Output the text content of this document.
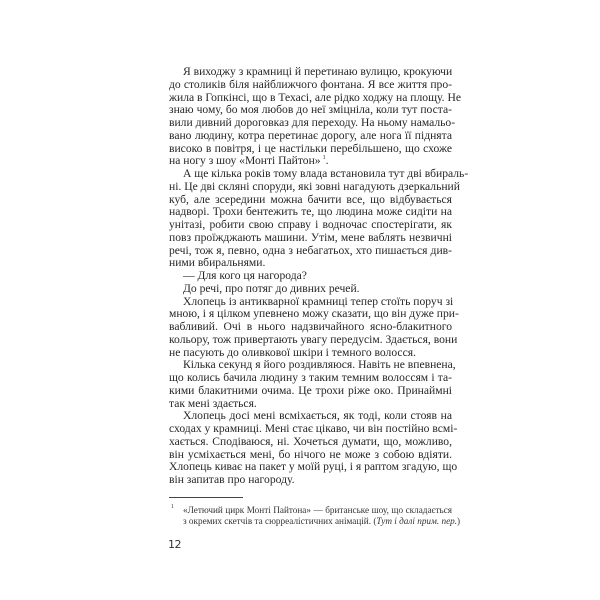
Я виходжу з крамниці й перетинаю вулицю, крокуючи
до столиків біля найближчого фонтана. Я все життя про-
жила в Гопкінсі, що в Техасі, але рідко ходжу на площу. Не
знаю чому, бо моя любов до неї зміцніла, коли тут поста-
вили дивний дороговказ для переходу. На ньому намальо-
вано людину, котра перетинає дорогу, але нога її піднята
високо в повітря, і це настільки перебільшено, що схоже
на ногу з шоу «Монті Пайтон» $^1$.
А ще кілька років тому влада встановила тут дві вбираль-
ні. Це дві скляні споруди, які зовні нагадують дзеркальний
куб, але зсередини можна бачити все, що відбувається
надворі. Трохи бентежить те, що людина може сидіти на
унітазі, робити свою справу і водночас спостерігати, як
повз проїжджають машини. Утім, мене ваблять незвичні
речі, тож я, певно, одна з небагатьох, хто пишається див-
ними вбиральнями.
— Для кого ця нагорода?
До речі, про потяг до дивних речей.
Хлопець із антикварної крамниці тепер стоїть поруч зі
мною, і я цілком упевнено можу сказати, що він дуже при-
вабливий. Очі в нього надзвичайного ясно-блакитного
кольору, тож привертають увагу передусім. Здається, вони
не пасують до оливкової шкіри і темного волосся.
Кілька секунд я його роздивляюся. Навіть не впевнена,
що колись бачила людину з таким темним волоссям і та-
кими блакитними очима. Це трохи ріже око. Принаймні
так мені здається.
Хлопець досі мені всміхається, як тоді, коли стояв на
сходах у крамниці. Мені стає цікаво, чи він постійно всмі-
хається. Сподіваюся, ні. Хочеться думати, що, можливо,
він усміхається мені, бо нічого не може з собою вдіяти.
Хлопець киває на пакет у моїй руці, і я раптом згадую, що
він запитав про нагороду.
1 «Летючий цирк Монті Пайтона» — британське шоу, що складається
з окремих скетчів та сюрреалістичних анімацій. (Тут і далі прим. пер.)
12
